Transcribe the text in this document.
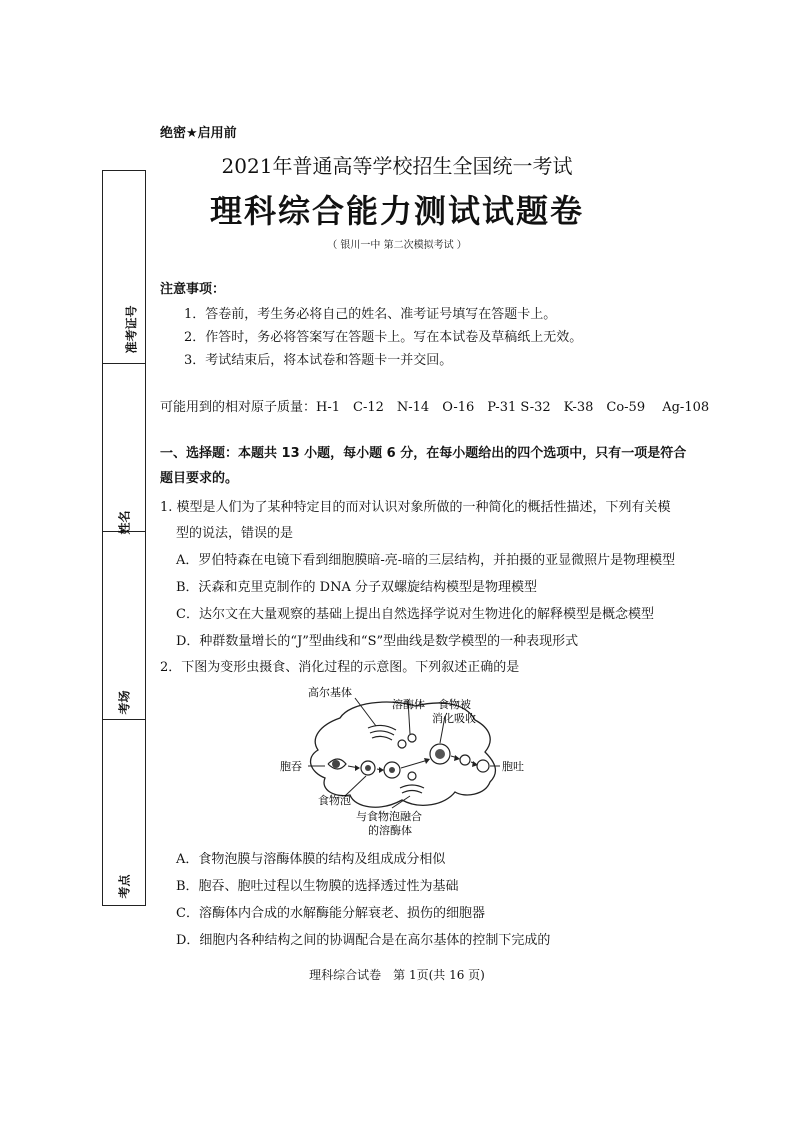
准考证号
姓名
考场
考点
绝密★启用前
2021年普通高等学校招生全国统一考试
理科综合能力测试试题卷
（ 银川一中 第二次模拟考试 ）
注意事项：
1．答卷前，考生务必将自己的姓名、准考证号填写在答题卡上。
2．作答时，务必将答案写在答题卡上。写在本试卷及草稿纸上无效。
3．考试结束后，将本试卷和答题卡一并交回。
可能用到的相对原子质量：H-1　C-12　N-14　O-16　P-31 S-32　K-38　Co-59　 Ag-108
一、选择题：本题共 13 小题，每小题 6 分，在每小题给出的四个选项中，只有一项是符合
题目要求的。
1. 模型是人们为了某种特定目的而对认识对象所做的一种简化的概括性描述，下列有关模
型的说法，错误的是
A．罗伯特森在电镜下看到细胞膜暗-亮-暗的三层结构，并拍摄的亚显微照片是物理模型
B．沃森和克里克制作的 DNA 分子双螺旋结构模型是物理模型
C．达尔文在大量观察的基础上提出自然选择学说对生物进化的解释模型是概念模型
D．种群数量增长的“J”型曲线和“S”型曲线是数学模型的一种表现形式
2．下图为变形虫摄食、消化过程的示意图。下列叙述正确的是
高尔基体
溶酶体 食物被
消化吸收
胞吞	胞吐
食物泡
与食物泡融合
的溶酶体
A．食物泡膜与溶酶体膜的结构及组成成分相似
B．胞吞、胞吐过程以生物膜的选择透过性为基础
C．溶酶体内合成的水解酶能分解衰老、损伤的细胞器
D．细胞内各种结构之间的协调配合是在高尔基体的控制下完成的
理科综合试卷　第 1页(共 16 页)
